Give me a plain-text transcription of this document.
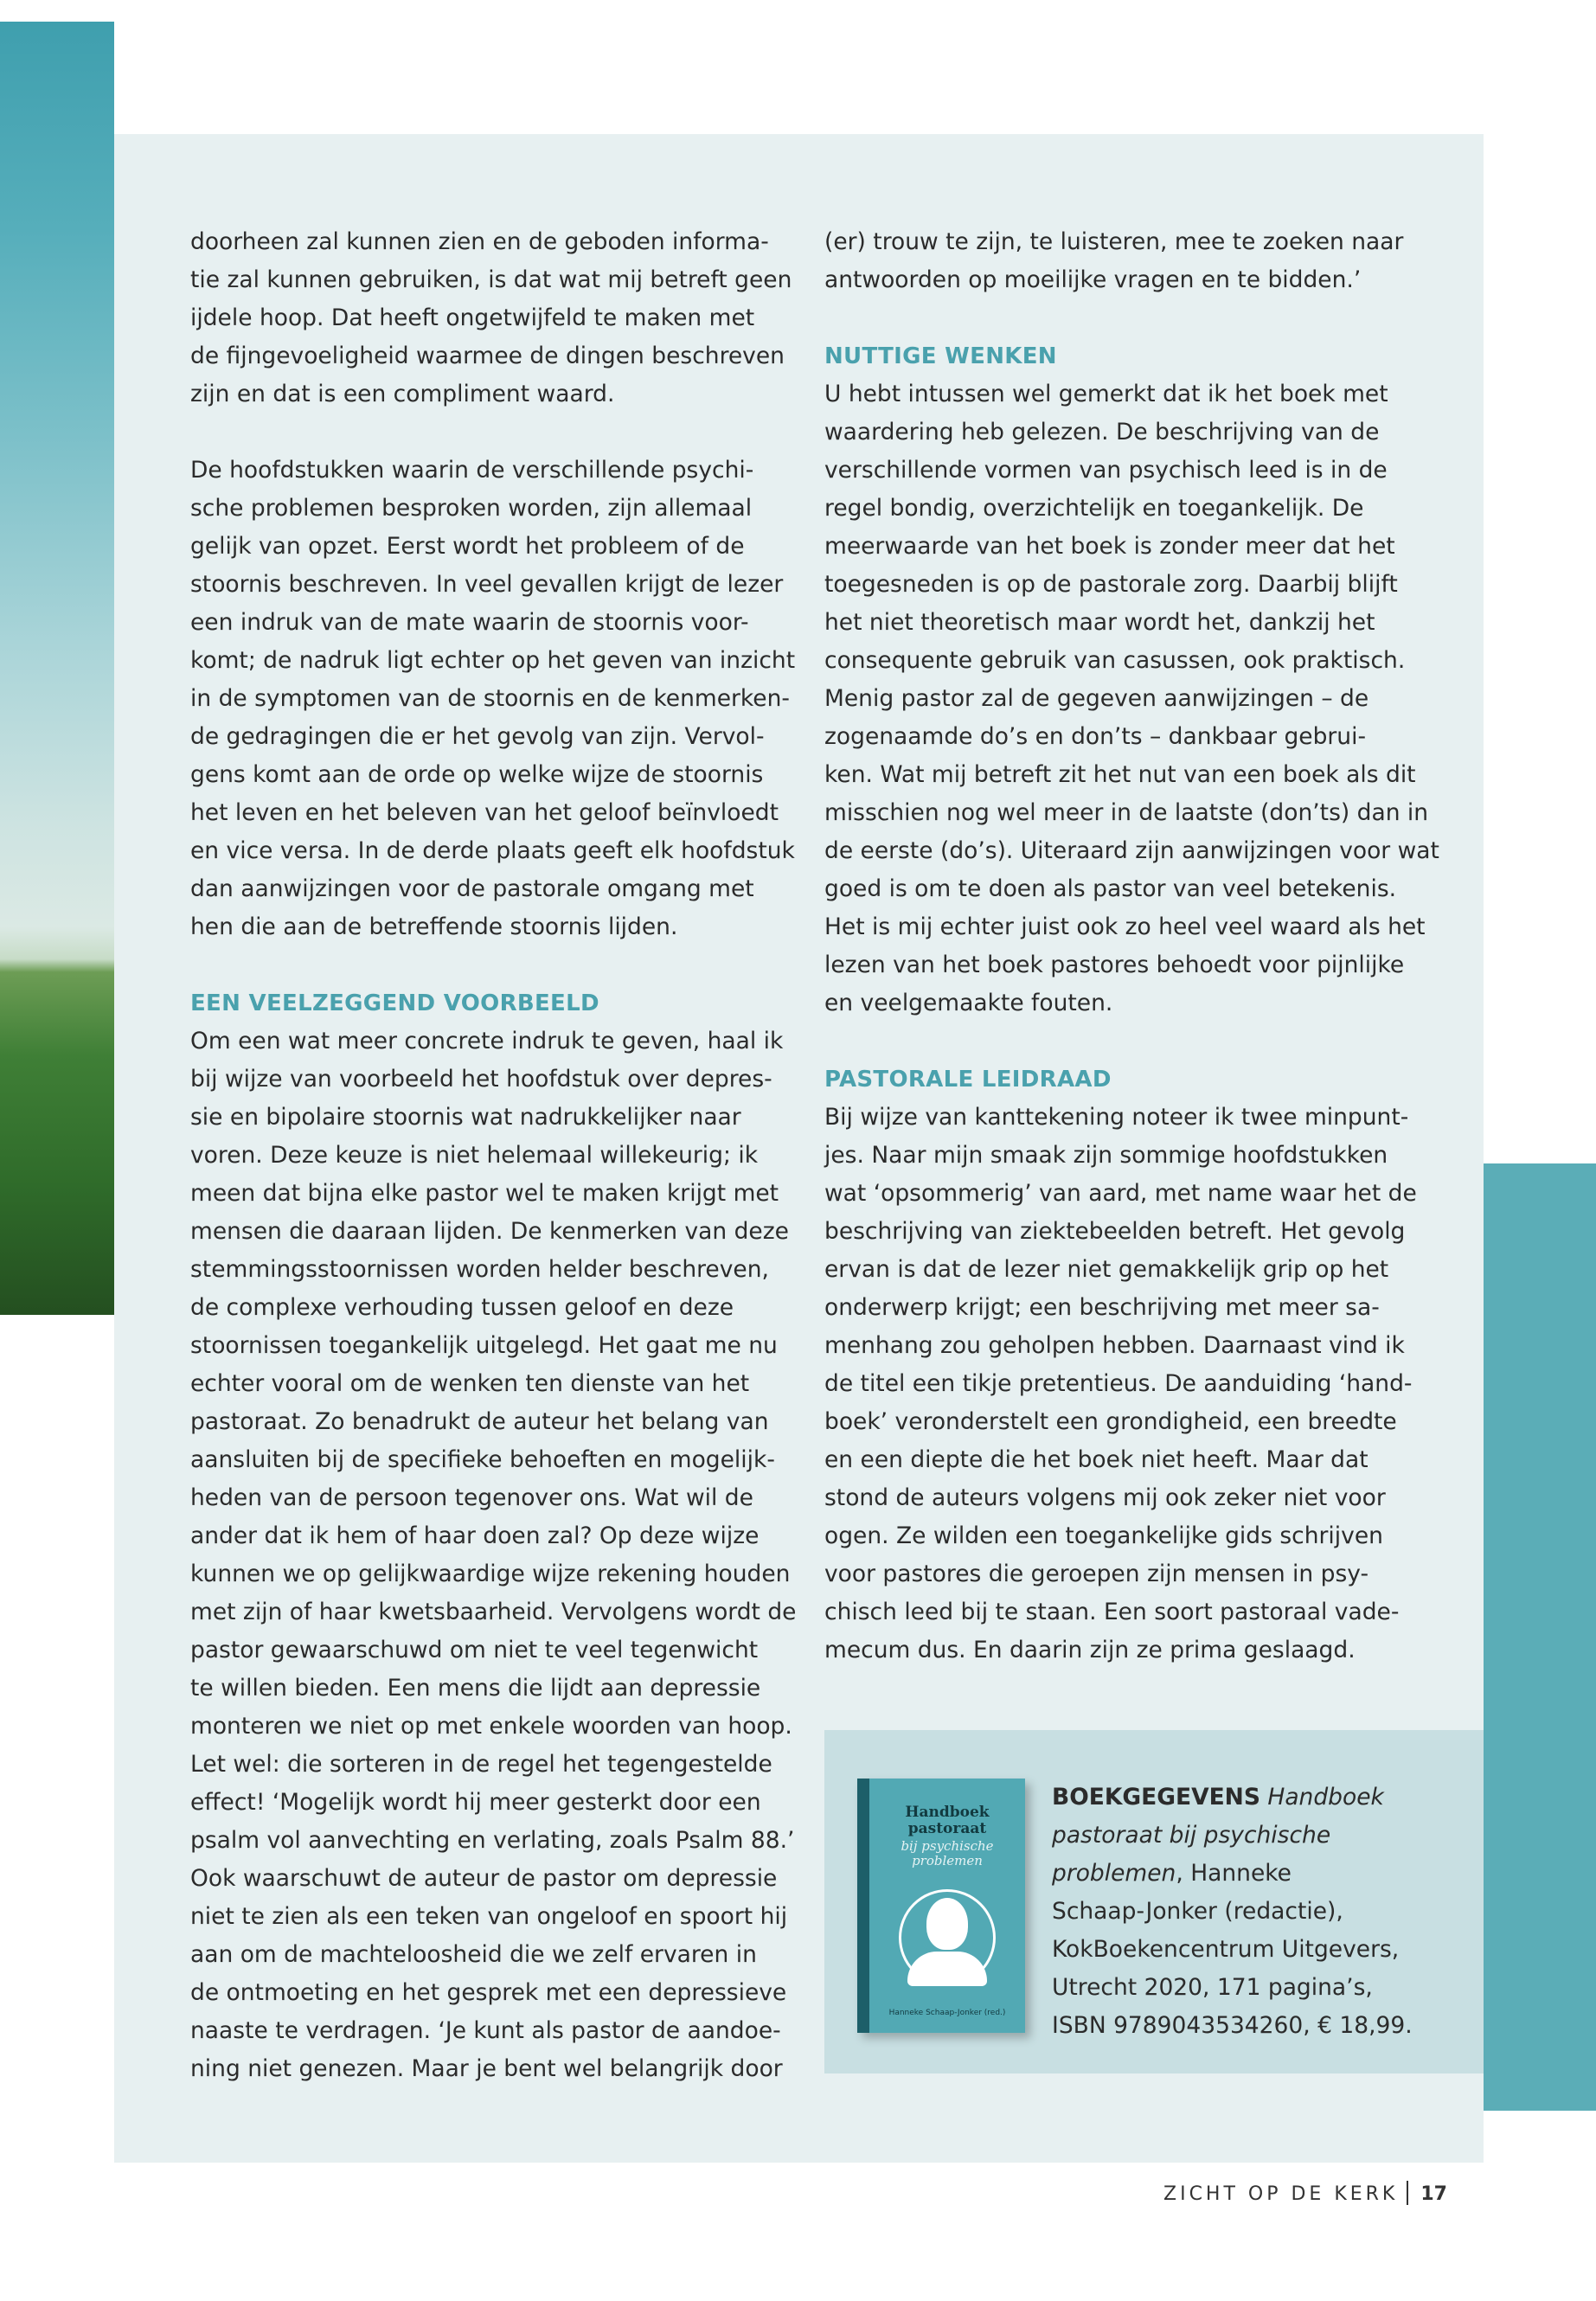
doorheen zal kunnen zien en de geboden informa-

tie zal kunnen gebruiken, is dat wat mij betreft geen

ijdele hoop. Dat heeft ongetwijfeld te maken met

de fijngevoeligheid waarmee de dingen beschreven

zijn en dat is een compliment waard.

De hoofdstukken waarin de verschillende psychi-

sche problemen besproken worden, zijn allemaal

gelijk van opzet. Eerst wordt het probleem of de

stoornis beschreven. In veel gevallen krijgt de lezer

een indruk van de mate waarin de stoornis voor-

komt; de nadruk ligt echter op het geven van inzicht

in de symptomen van de stoornis en de kenmerken-

de gedragingen die er het gevolg van zijn. Vervol-

gens komt aan de orde op welke wijze de stoornis

het leven en het beleven van het geloof beïnvloedt

en vice versa. In de derde plaats geeft elk hoofdstuk

dan aanwijzingen voor de pastorale omgang met

hen die aan de betreffende stoornis lijden.

EEN VEELZEGGEND VOORBEELD

Om een wat meer concrete indruk te geven, haal ik

bij wijze van voorbeeld het hoofdstuk over depres-

sie en bipolaire stoornis wat nadrukkelijker naar

voren. Deze keuze is niet helemaal willekeurig; ik

meen dat bijna elke pastor wel te maken krijgt met

mensen die daaraan lijden. De kenmerken van deze

stemmingsstoornissen worden helder beschreven,

de complexe verhouding tussen geloof en deze

stoornissen toegankelijk uitgelegd. Het gaat me nu

echter vooral om de wenken ten dienste van het

pastoraat. Zo benadrukt de auteur het belang van

aansluiten bij de specifieke behoeften en mogelijk-

heden van de persoon tegenover ons. Wat wil de

ander dat ik hem of haar doen zal? Op deze wijze

kunnen we op gelijkwaardige wijze rekening houden

met zijn of haar kwetsbaarheid. Vervolgens wordt de

pastor gewaarschuwd om niet te veel tegenwicht

te willen bieden. Een mens die lijdt aan depressie

monteren we niet op met enkele woorden van hoop.

Let wel: die sorteren in de regel het tegengestelde

effect! ‘Mogelijk wordt hij meer gesterkt door een

psalm vol aanvechting en verlating, zoals Psalm 88.’

Ook waarschuwt de auteur de pastor om depressie

niet te zien als een teken van ongeloof en spoort hij

aan om de machteloosheid die we zelf ervaren in

de ontmoeting en het gesprek met een depressieve

naaste te verdragen. ‘Je kunt als pastor de aandoe-

ning niet genezen. Maar je bent wel belangrijk door

(er) trouw te zijn, te luisteren, mee te zoeken naar

antwoorden op moeilijke vragen en te bidden.’

NUTTIGE WENKEN

U hebt intussen wel gemerkt dat ik het boek met

waardering heb gelezen. De beschrijving van de

verschillende vormen van psychisch leed is in de

regel bondig, overzichtelijk en toegankelijk. De

meerwaarde van het boek is zonder meer dat het

toegesneden is op de pastorale zorg. Daarbij blijft

het niet theoretisch maar wordt het, dankzij het

consequente gebruik van casussen, ook praktisch.

Menig pastor zal de gegeven aanwijzingen – de

zogenaamde do’s en don’ts – dankbaar gebrui-

ken. Wat mij betreft zit het nut van een boek als dit

misschien nog wel meer in de laatste (don’ts) dan in

de eerste (do’s). Uiteraard zijn aanwijzingen voor wat

goed is om te doen als pastor van veel betekenis.

Het is mij echter juist ook zo heel veel waard als het

lezen van het boek pastores behoedt voor pijnlijke

en veelgemaakte fouten.

PASTORALE LEIDRAAD

Bij wijze van kanttekening noteer ik twee minpunt-

jes. Naar mijn smaak zijn sommige hoofdstukken

wat ‘opsommerig’ van aard, met name waar het de

beschrijving van ziektebeelden betreft. Het gevolg

ervan is dat de lezer niet gemakkelijk grip op het

onderwerp krijgt; een beschrijving met meer sa-

menhang zou geholpen hebben. Daarnaast vind ik

de titel een tikje pretentieus. De aanduiding ‘hand-

boek’ veronderstelt een grondigheid, een breedte

en een diepte die het boek niet heeft. Maar dat

stond de auteurs volgens mij ook zeker niet voor

ogen. Ze wilden een toegankelijke gids schrijven

voor pastores die geroepen zijn mensen in psy-

chisch leed bij te staan. Een soort pastoraal vade-

mecum dus. En daarin zijn ze prima geslaagd.

Handboek pastoraat
bij psychische problemen
Hanneke Schaap-Jonker (red.)

BOEKGEGEVENS Handboek

pastoraat bij psychische

problemen, Hanneke

Schaap-Jonker (redactie),

KokBoekencentrum Uitgevers,

Utrecht 2020, 171 pagina’s,

ISBN 9789043534260, € 18,99.

ZICHT OP DE KERK 17
